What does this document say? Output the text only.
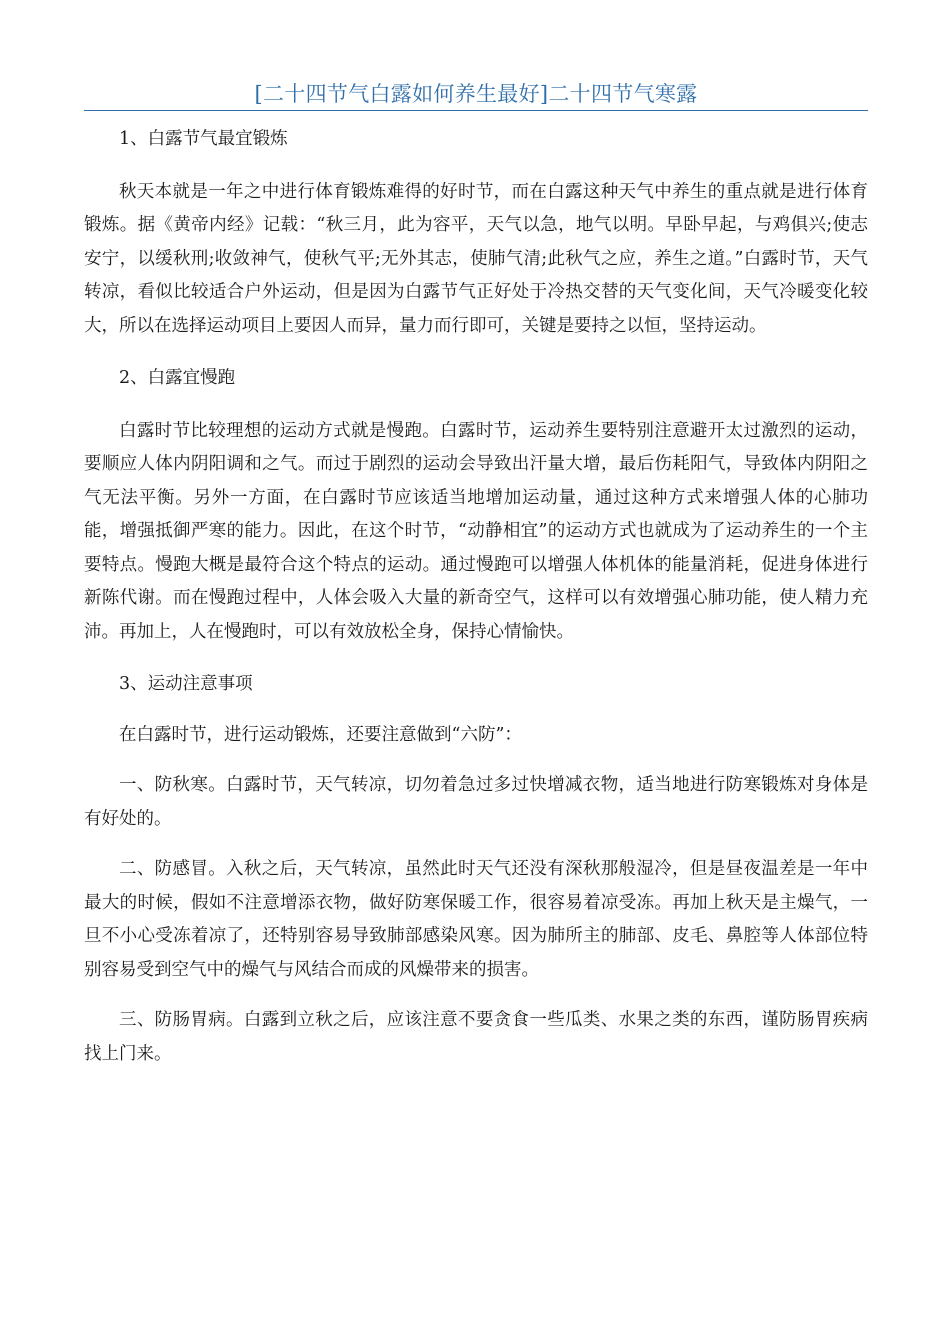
[二十四节气白露如何养生最好]二十四节气寒露

1、白露节气最宜锻炼

秋天本就是一年之中进行体育锻炼难得的好时节，而在白露这种天气中养生的重点就是进行体育锻炼。据《黄帝内经》记载：“秋三月，此为容平，天气以急，地气以明。早卧早起，与鸡俱兴;使志安宁，以缓秋刑;收敛神气，使秋气平;无外其志，使肺气清;此秋气之应，养生之道。”白露时节，天气转凉，看似比较适合户外运动，但是因为白露节气正好处于冷热交替的天气变化间，天气冷暖变化较大，所以在选择运动项目上要因人而异，量力而行即可，关键是要持之以恒，坚持运动。

2、白露宜慢跑

白露时节比较理想的运动方式就是慢跑。白露时节，运动养生要特别注意避开太过激烈的运动，要顺应人体内阴阳调和之气。而过于剧烈的运动会导致出汗量大增，最后伤耗阳气，导致体内阴阳之气无法平衡。另外一方面，在白露时节应该适当地增加运动量，通过这种方式来增强人体的心肺功能，增强抵御严寒的能力。因此，在这个时节，“动静相宜”的运动方式也就成为了运动养生的一个主要特点。慢跑大概是最符合这个特点的运动。通过慢跑可以增强人体机体的能量消耗，促进身体进行新陈代谢。而在慢跑过程中，人体会吸入大量的新奇空气，这样可以有效增强心肺功能，使人精力充沛。再加上，人在慢跑时，可以有效放松全身，保持心情愉快。

3、运动注意事项

在白露时节，进行运动锻炼，还要注意做到“六防”：

一、防秋寒。白露时节，天气转凉，切勿着急过多过快增减衣物，适当地进行防寒锻炼对身体是有好处的。

二、防感冒。入秋之后，天气转凉，虽然此时天气还没有深秋那般湿冷，但是昼夜温差是一年中最大的时候，假如不注意增添衣物，做好防寒保暖工作，很容易着凉受冻。再加上秋天是主燥气，一旦不小心受冻着凉了，还特别容易导致肺部感染风寒。因为肺所主的肺部、皮毛、鼻腔等人体部位特别容易受到空气中的燥气与风结合而成的风燥带来的损害。

三、防肠胃病。白露到立秋之后，应该注意不要贪食一些瓜类、水果之类的东西，谨防肠胃疾病找上门来。
